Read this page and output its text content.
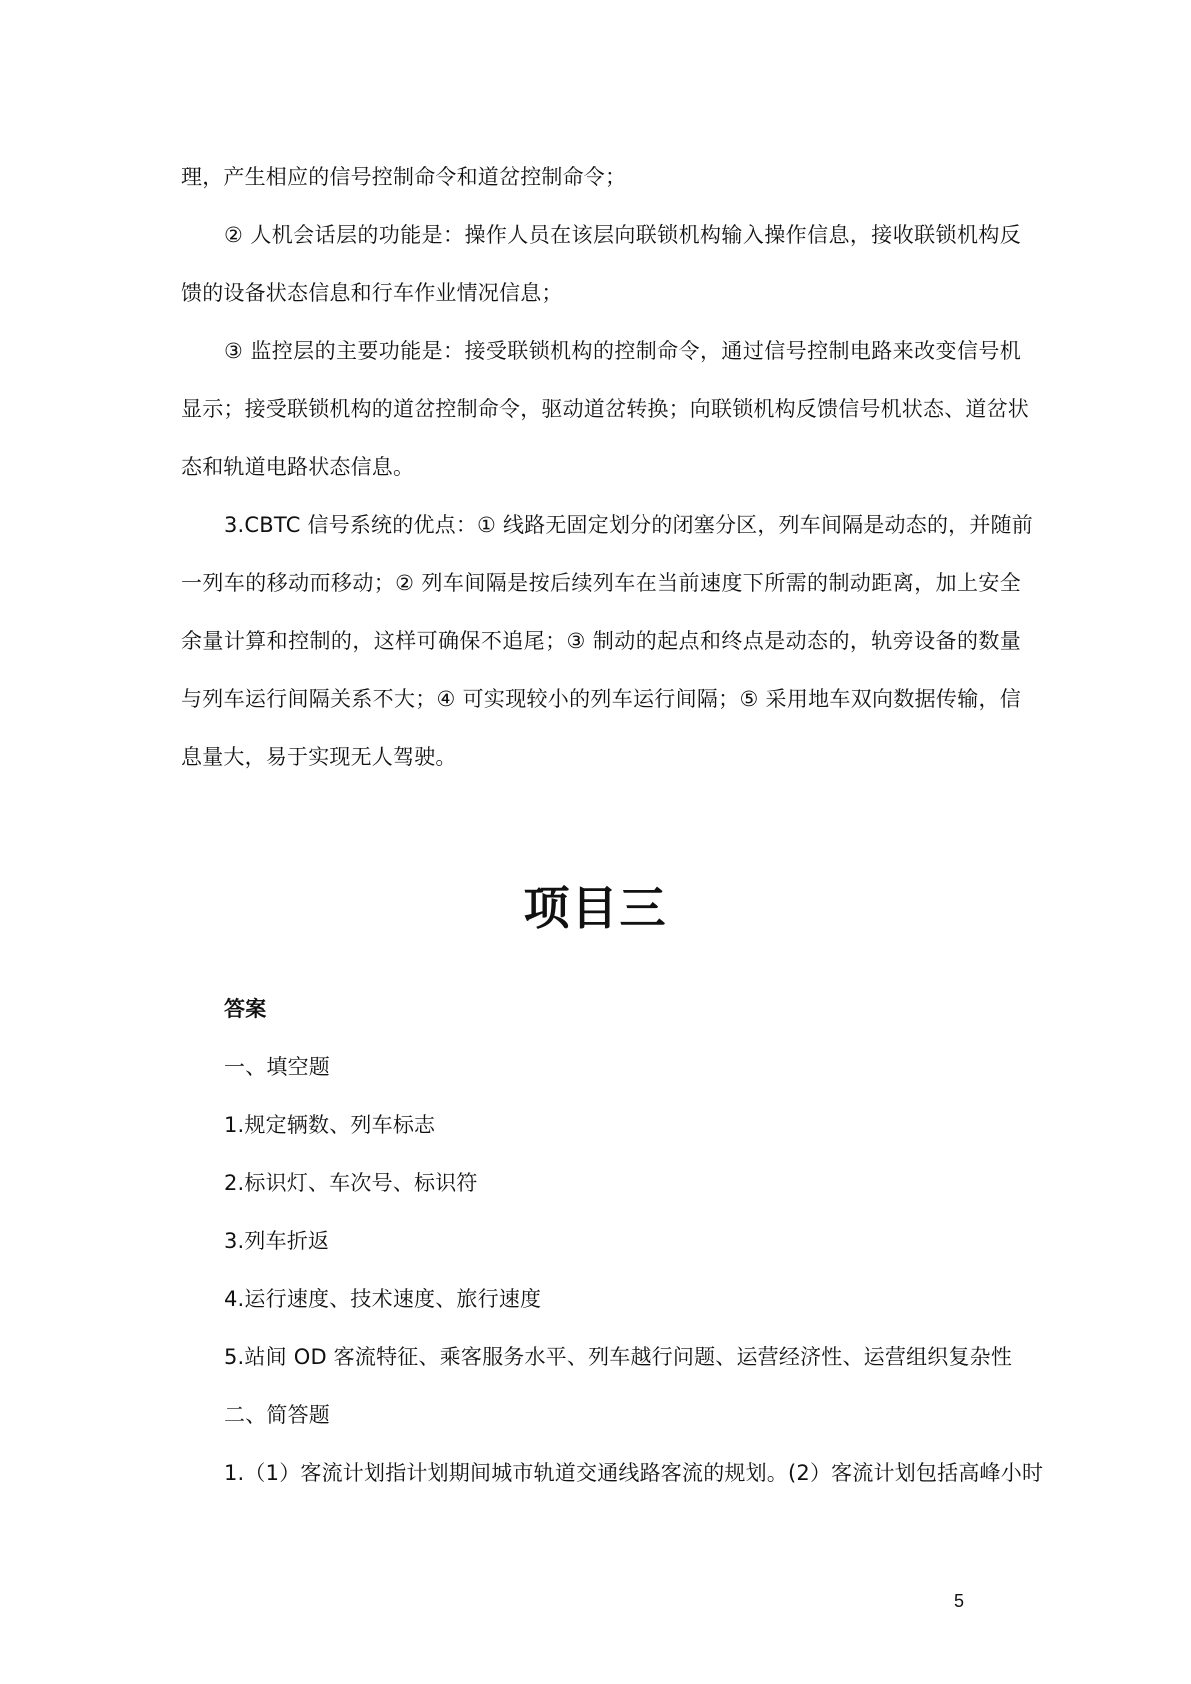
理，产生相应的信号控制命令和道岔控制命令；
② 人机会话层的功能是：操作人员在该层向联锁机构输入操作信息，接收联锁机构反
馈的设备状态信息和行车作业情况信息；
③ 监控层的主要功能是：接受联锁机构的控制命令，通过信号控制电路来改变信号机
显示；接受联锁机构的道岔控制命令，驱动道岔转换；向联锁机构反馈信号机状态、道岔状
态和轨道电路状态信息。
3.CBTC 信号系统的优点：① 线路无固定划分的闭塞分区，列车间隔是动态的，并随前
一列车的移动而移动；② 列车间隔是按后续列车在当前速度下所需的制动距离，加上安全
余量计算和控制的，这样可确保不追尾；③ 制动的起点和终点是动态的，轨旁设备的数量
与列车运行间隔关系不大；④ 可实现较小的列车运行间隔；⑤ 采用地车双向数据传输，信
息量大，易于实现无人驾驶。
项目三
答案
一、填空题
1.规定辆数、列车标志
2.标识灯、车次号、标识符
3.列车折返
4.运行速度、技术速度、旅行速度
5.站间 OD 客流特征、乘客服务水平、列车越行问题、运营经济性、运营组织复杂性
二、简答题
1.（1）客流计划指计划期间城市轨道交通线路客流的规划。(2）客流计划包括高峰小时
5
